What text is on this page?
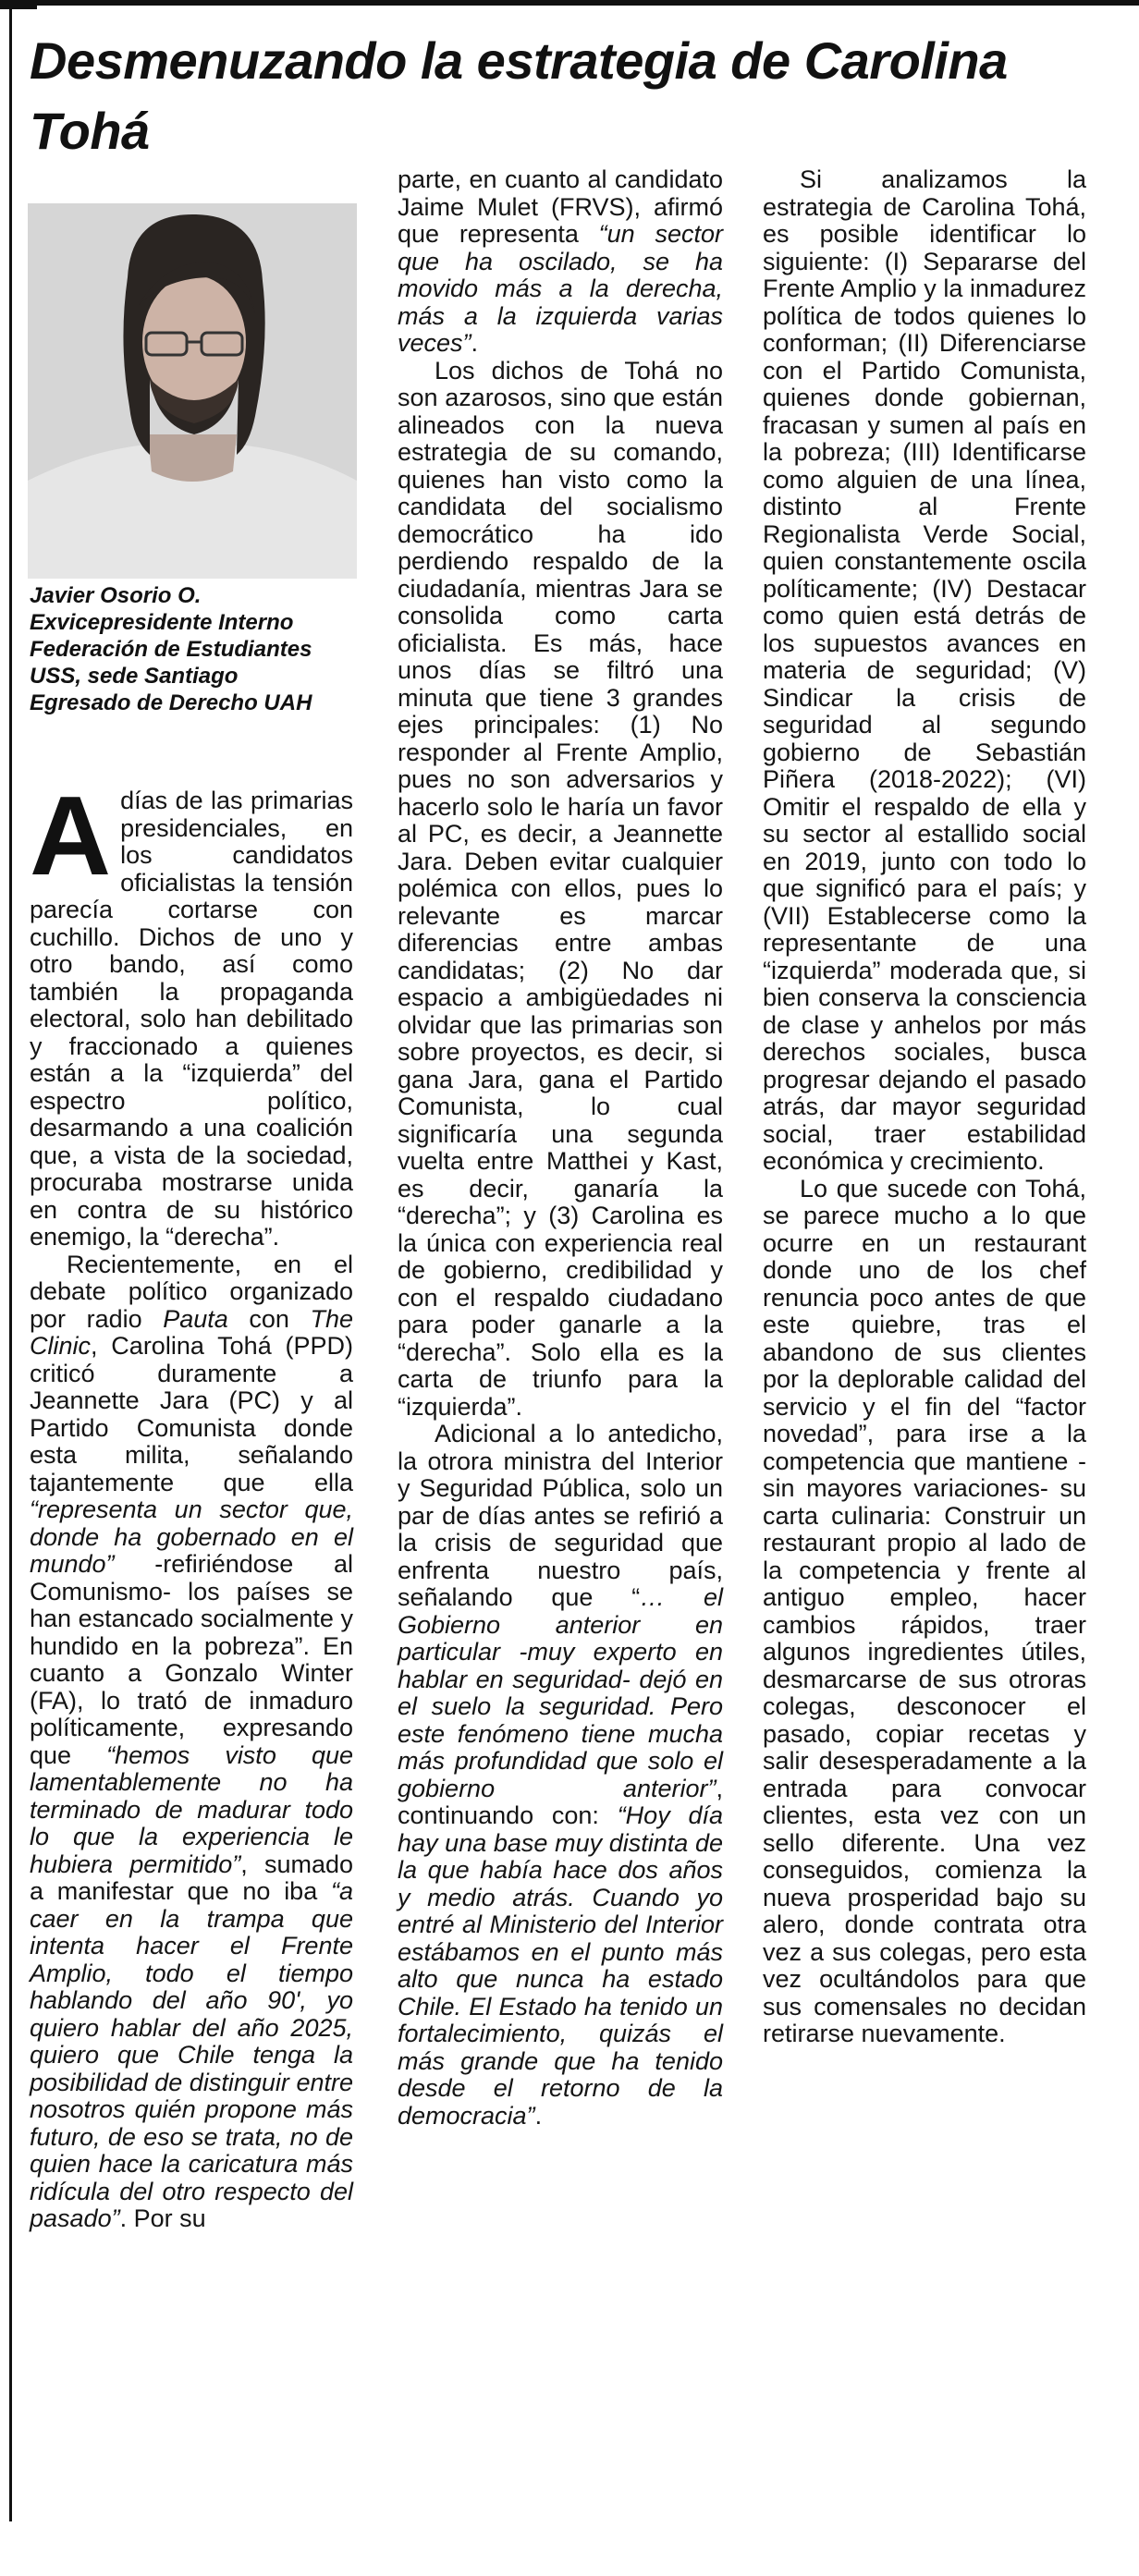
Desmenuzando la estrategia de Carolina Tohá
Javier Osorio O.
Exvicepresidente Interno
Federación de Estudiantes
USS, sede Santiago
Egresado de Derecho UAH

Adías de las primarias presidenciales, en los candidatos oficialistas la tensión parecía cortarse con cuchillo. Dichos de uno y otro bando, así como también la propaganda electoral, solo han debilitado y fraccionado a quienes están a la “izquierda” del espectro político, desarmando a una coalición que, a vista de la sociedad, procuraba mostrarse unida en contra de su histórico enemigo, la “derecha”.

Recientemente, en el debate político organizado por radio Pauta con The Clinic, Carolina Tohá (PPD) criticó duramente a Jeannette Jara (PC) y al Partido Comunista donde esta milita, señalando tajantemente que ella “representa un sector que, donde ha gobernado en el mundo” -refiriéndose al Comunismo- los países se han estancado socialmente y hundido en la pobreza”. En cuanto a Gonzalo Winter (FA), lo trató de inmaduro políticamente, expresando que “hemos visto que lamentablemente no ha terminado de madurar todo lo que la experiencia le hubiera permitido”, sumado a manifestar que no iba “a caer en la trampa que intenta hacer el Frente Amplio, todo el tiempo hablando del año 90', yo quiero hablar del año 2025, quiero que Chile tenga la posibilidad de distinguir entre nosotros quién propone más futuro, de eso se trata, no de quien hace la caricatura más ridícula del otro respecto del pasado”. Por su

parte, en cuanto al candidato Jaime Mulet (FRVS), afirmó que representa “un sector que ha oscilado, se ha movido más a la derecha, más a la izquierda varias veces”.

Los dichos de Tohá no son azarosos, sino que están alineados con la nueva estrategia de su comando, quienes han visto como la candidata del socialismo democrático ha ido perdiendo respaldo de la ciudadanía, mientras Jara se consolida como carta oficialista. Es más, hace unos días se filtró una minuta que tiene 3 grandes ejes principales: (1) No responder al Frente Amplio, pues no son adversarios y hacerlo solo le haría un favor al PC, es decir, a Jeannette Jara. Deben evitar cualquier polémica con ellos, pues lo relevante es marcar diferencias entre ambas candidatas; (2) No dar espacio a ambigüedades ni olvidar que las primarias son sobre proyectos, es decir, si gana Jara, gana el Partido Comunista, lo cual significaría una segunda vuelta entre Matthei y Kast, es decir, ganaría la “derecha”; y (3) Carolina es la única con experiencia real de gobierno, credibilidad y con el respaldo ciudadano para poder ganarle a la “derecha”. Solo ella es la carta de triunfo para la “izquierda”.

Adicional a lo antedicho, la otrora ministra del Interior y Seguridad Pública, solo un par de días antes se refirió a la crisis de seguridad que enfrenta nuestro país, señalando que “… el Gobierno anterior en particular -muy experto en hablar en seguridad- dejó en el suelo la seguridad. Pero este fenómeno tiene mucha más profundidad que solo el gobierno anterior”, continuando con: “Hoy día hay una base muy distinta de la que había hace dos años y medio atrás. Cuando yo entré al Ministerio del Interior estábamos en el punto más alto que nunca ha estado Chile. El Estado ha tenido un fortalecimiento, quizás el más grande que ha tenido desde el retorno de la democracia”.

Si analizamos la estrategia de Carolina Tohá, es posible identificar lo siguiente: (I) Separarse del Frente Amplio y la inmadurez política de todos quienes lo conforman; (II) Diferenciarse con el Partido Comunista, quienes donde gobiernan, fracasan y sumen al país en la pobreza; (III) Identificarse como alguien de una línea, distinto al Frente Regionalista Verde Social, quien constantemente oscila políticamente; (IV) Destacar como quien está detrás de los supuestos avances en materia de seguridad; (V) Sindicar la crisis de seguridad al segundo gobierno de Sebastián Piñera (2018-2022); (VI) Omitir el respaldo de ella y su sector al estallido social en 2019, junto con todo lo que significó para el país; y (VII) Establecerse como la representante de una “izquierda” moderada que, si bien conserva la consciencia de clase y anhelos por más derechos sociales, busca progresar dejando el pasado atrás, dar mayor seguridad social, traer estabilidad económica y crecimiento.

Lo que sucede con Tohá, se parece mucho a lo que ocurre en un restaurant donde uno de los chef renuncia poco antes de que este quiebre, tras el abandono de sus clientes por la deplorable calidad del servicio y el fin del “factor novedad”, para irse a la competencia que mantiene -sin mayores variaciones- su carta culinaria: Construir un restaurant propio al lado de la competencia y frente al antiguo empleo, hacer cambios rápidos, traer algunos ingredientes útiles, desmarcarse de sus otroras colegas, desconocer el pasado, copiar recetas y salir desesperadamente a la entrada para convocar clientes, esta vez con un sello diferente. Una vez conseguidos, comienza la nueva prosperidad bajo su alero, donde contrata otra vez a sus colegas, pero esta vez ocultándolos para que sus comensales no decidan retirarse nuevamente.
